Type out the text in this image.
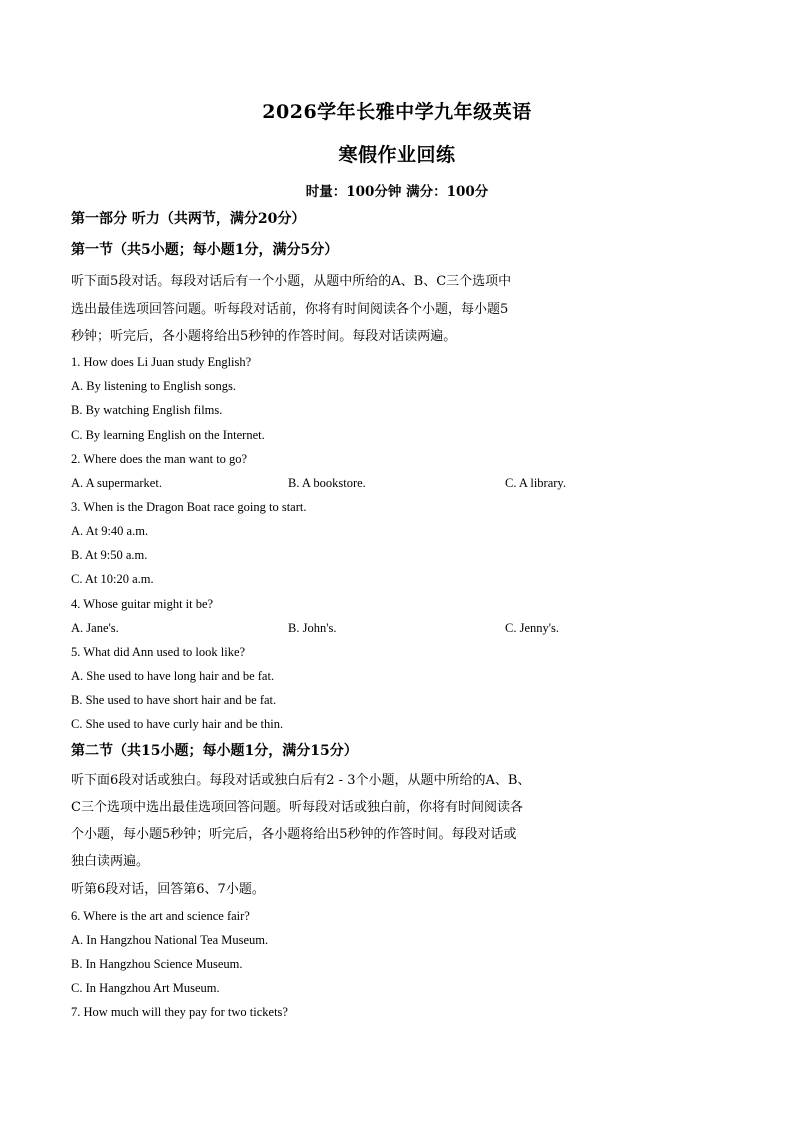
2026学年长雅中学九年级英语
寒假作业回练
时量：100分钟 满分：100分
第一部分 听力（共两节，满分20分）
第一节（共5小题；每小题1分，满分5分）
听下面5段对话。每段对话后有一个小题，从题中所给的A、B、C三个选项中
选出最佳选项回答问题。听每段对话前，你将有时间阅读各个小题，每小题5
秒钟；听完后，各小题将给出5秒钟的作答时间。每段对话读两遍。
1. How does Li Juan study English?
A. By listening to English songs.
B. By watching English films.
C. By learning English on the Internet.
2. Where does the man want to go?
A. A supermarket.	B. A bookstore.	C. A library.
3. When is the Dragon Boat race going to start.
A. At 9:40 a.m.
B. At 9:50 a.m.
C. At 10:20 a.m.
4. Whose guitar might it be?
A. Jane's.	B. John's.	C. Jenny's.
5. What did Ann used to look like?
A. She used to have long hair and be fat.
B. She used to have short hair and be fat.
C. She used to have curly hair and be thin.
第二节（共15小题；每小题1分，满分15分）
听下面6段对话或独白。每段对话或独白后有2 - 3个小题，从题中所给的A、B、
C三个选项中选出最佳选项回答问题。听每段对话或独白前，你将有时间阅读各
个小题，每小题5秒钟；听完后，各小题将给出5秒钟的作答时间。每段对话或
独白读两遍。
听第6段对话，回答第6、7小题。
6. Where is the art and science fair?
A. In Hangzhou National Tea Museum.
B. In Hangzhou Science Museum.
C. In Hangzhou Art Museum.
7. How much will they pay for two tickets?
